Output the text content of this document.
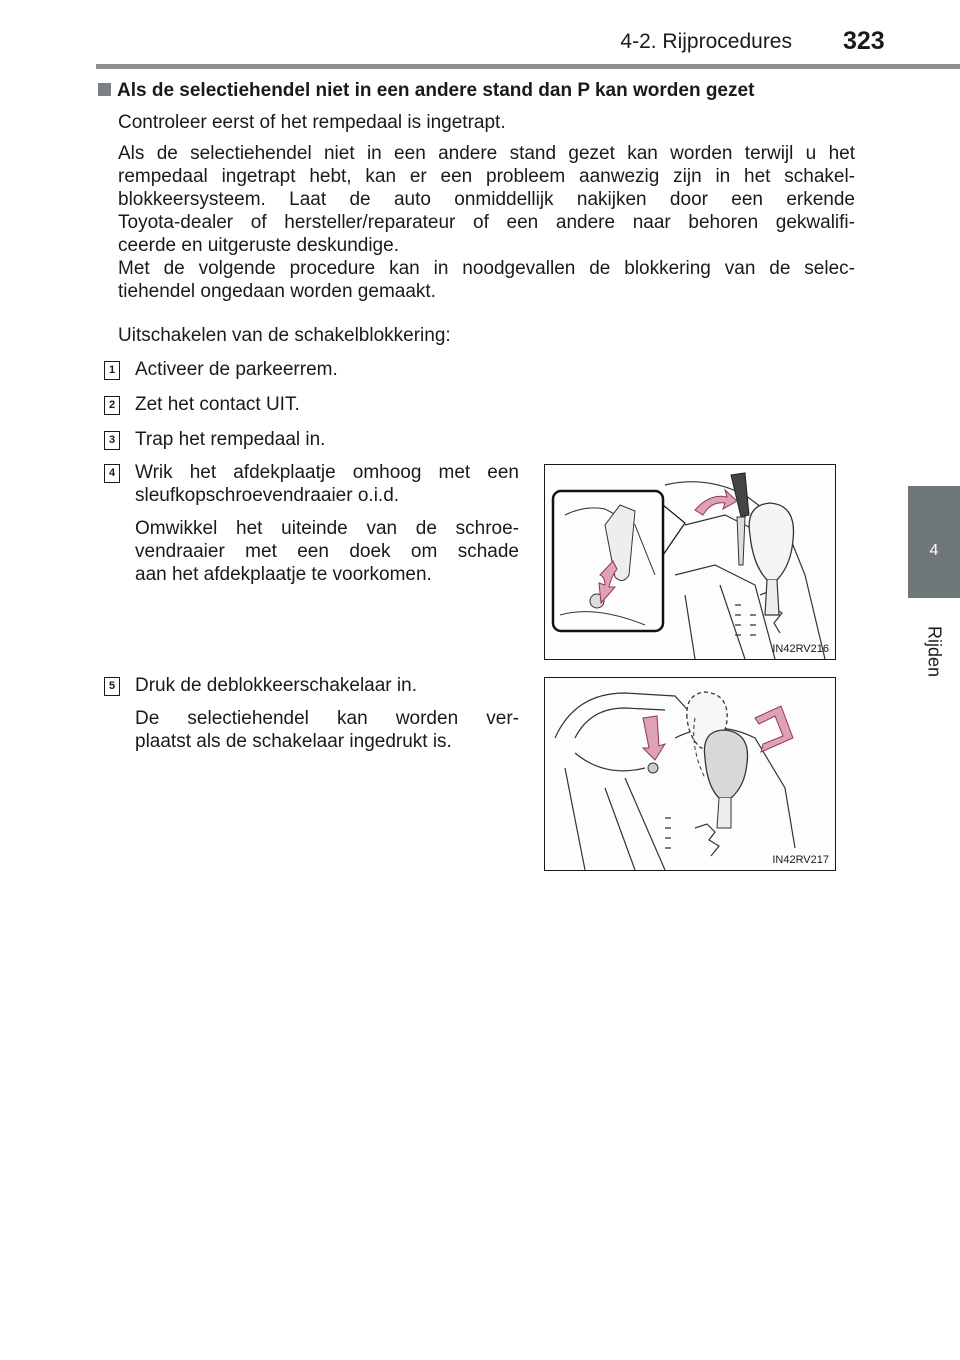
4-2. Rijprocedures 323
4
Rijden
Als de selectiehendel niet in een andere stand dan P kan worden gezet

Controleer eerst of het rempedaal is ingetrapt.

Als de selectiehendel niet in een andere stand gezet kan worden terwijl u het
rempedaal ingetrapt hebt, kan er een probleem aanwezig zijn in het schakel-
blokkeersysteem. Laat de auto onmiddellijk nakijken door een erkende
Toyota-dealer of hersteller/reparateur of een andere naar behoren gekwalifi-
ceerde en uitgeruste deskundige.
Met de volgende procedure kan in noodgevallen de blokkering van de selec-
tiehendel ongedaan worden gemaakt.

Uitschakelen van de schakelblokkering:

1 Activeer de parkeerrem.

2 Zet het contact UIT.

3 Trap het rempedaal in.

4 Wrik het afdekplaatje omhoog met een
sleufkopschroevendraaier o.i.d.
Omwikkel het uiteinde van de schroe-
vendraaier met een doek om schade
aan het afdekplaatje te voorkomen.
5 Druk de deblokkeerschakelaar in.

De selectiehendel kan worden ver-
plaatst als de schakelaar ingedrukt is.
IN42RV216
IN42RV217
